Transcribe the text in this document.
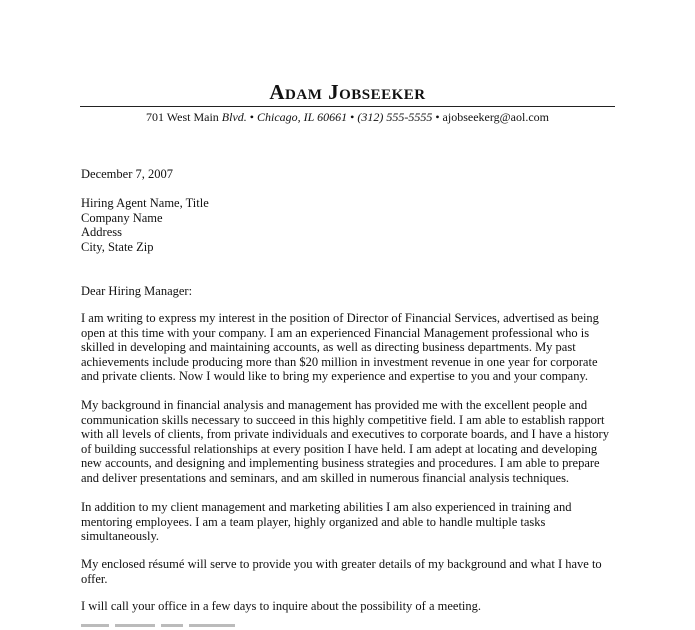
Adam Jobseeker
701 West Main Blvd. • Chicago, IL 60661 • (312) 555-5555 • ajobseekerg@aol.com
December 7, 2007
Hiring Agent Name, Title
Company Name
Address
City, State Zip
Dear Hiring Manager:
I am writing to express my interest in the position of Director of Financial Services, advertised as being
open at this time with your company. I am an experienced Financial Management professional who is
skilled in developing and maintaining accounts, as well as directing business departments. My past
achievements include producing more than $20 million in investment revenue in one year for corporate
and private clients. Now I would like to bring my experience and expertise to you and your company.
My background in financial analysis and management has provided me with the excellent people and
communication skills necessary to succeed in this highly competitive field. I am able to establish rapport
with all levels of clients, from private individuals and executives to corporate boards, and I have a history
of building successful relationships at every position I have held. I am adept at locating and developing
new accounts, and designing and implementing business strategies and procedures. I am able to prepare
and deliver presentations and seminars, and am skilled in numerous financial analysis techniques.
In addition to my client management and marketing abilities I am also experienced in training and
mentoring employees. I am a team player, highly organized and able to handle multiple tasks
simultaneously.
My enclosed résumé will serve to provide you with greater details of my background and what I have to
offer.
I will call your office in a few days to inquire about the possibility of a meeting.
